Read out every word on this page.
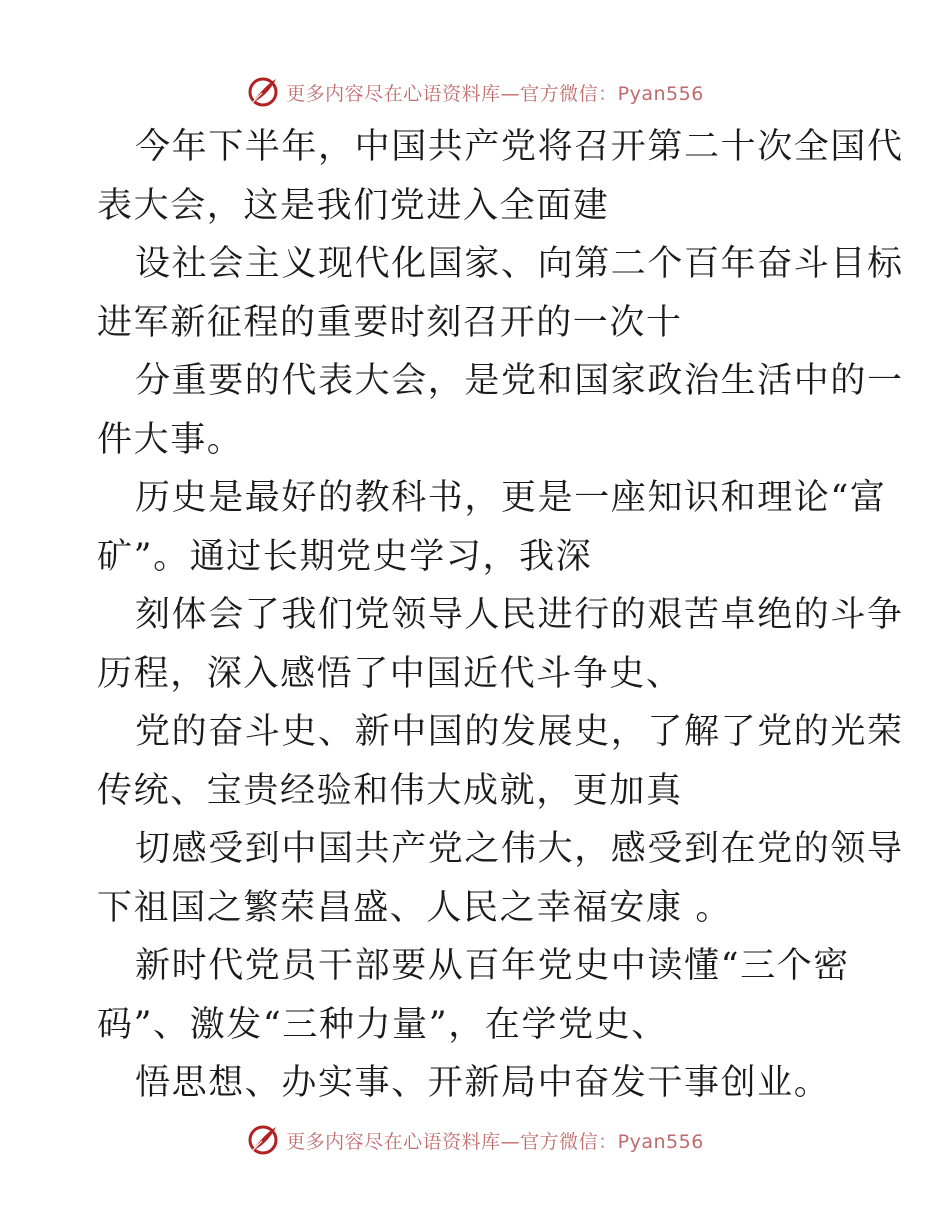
更多内容尽在心语资料库—官方微信：Pyan556
今年下半年，中国共产党将召开第二十次全国代
表大会，这是我们党进入全面建
设社会主义现代化国家、向第二个百年奋斗目标
进军新征程的重要时刻召开的一次十
分重要的代表大会，是党和国家政治生活中的一
件大事。
历史是最好的教科书，更是一座知识和理论“富
矿”。通过长期党史学习，我深
刻体会了我们党领导人民进行的艰苦卓绝的斗争
历程，深入感悟了中国近代斗争史、
党的奋斗史、新中国的发展史，了解了党的光荣
传统、宝贵经验和伟大成就，更加真
切感受到中国共产党之伟大，感受到在党的领导
下祖国之繁荣昌盛、人民之幸福安康 。
新时代党员干部要从百年党史中读懂“三个密
码”、激发“三种力量”，在学党史、
悟思想、办实事、开新局中奋发干事创业。
更多内容尽在心语资料库—官方微信：Pyan556
